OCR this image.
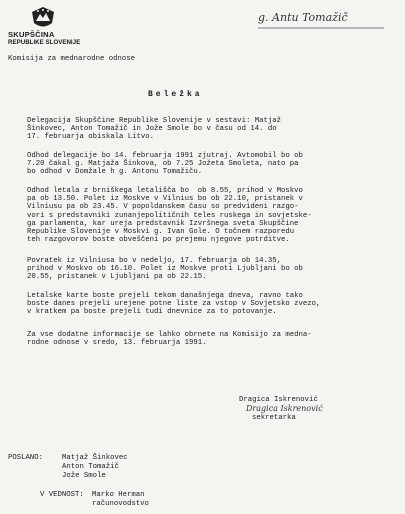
SKUPŠČINA
REPUBLIKE SLOVENIJE
Komisija za mednarodne odnose
g. Antu Tomažič
Beležka
Delegacija Skupščine Republike Slovenije v sestavi: Matjaž
Šinkovec, Anton Tomažič in Jože Smole bo v času od 14. do
17. februarja obiskala Litvo.
Odhod delegacije bo 14. februarja 1991 zjutraj. Avtomobil bo ob
7.20 čakal g. Matjaža Šinkova, ob 7.25 Jožeta Smoleta, nato pa
bo odhod v Domžale h g. Antonu Tomažiču.
Odhod letala z brniškega letališča bo  ob 8.55, prihod v Moskvo
pa ob 13.50. Polet iz Moskve v Vilnius bo ob 22.10, pristanek v
Vilniusu pa ob 23.45. V popoldanskem času so predvideni razgo-
vori s predstavniki zunanjepolitičnih teles ruskega in sovjetske-
ga parlamenta, kar ureja predstavnik Izvršnega sveta Skupščine
Republike Slovenije v Moskvi g. Ivan Gole. O točnem razporedu
teh razgovorov boste obveščeni po prejemu njegove potrditve.
Povratek iz Vilniusa bo v nedeljo, 17. februarja ob 14.35,
prihod v Moskvo ob 16.10. Polet iz Moskve proti Ljubljani bo ob
20.55, pristanek v Ljubljani pa ob 22.15.
Letalske karte boste prejeli tekom današnjega dneva, ravno tako
boste danes prejeli urejene potne liste za vstop v Sovjetsko zvezo,
v kratkem pa boste prejeli tudi dnevnice za to potovanje.
Za vse dodatne informacije se lahko obrnete na Komisijo za medna-
rodne odnose v sredo, 13. februarja 1991.
Dragica Iskrenović
Dragica Iskrenović
sekretarka
POSLANO:	Matjaž Šinkovec
Anton Tomažič
Jože Smole
V VEDNOST: Marko Herman
računovodstvo
